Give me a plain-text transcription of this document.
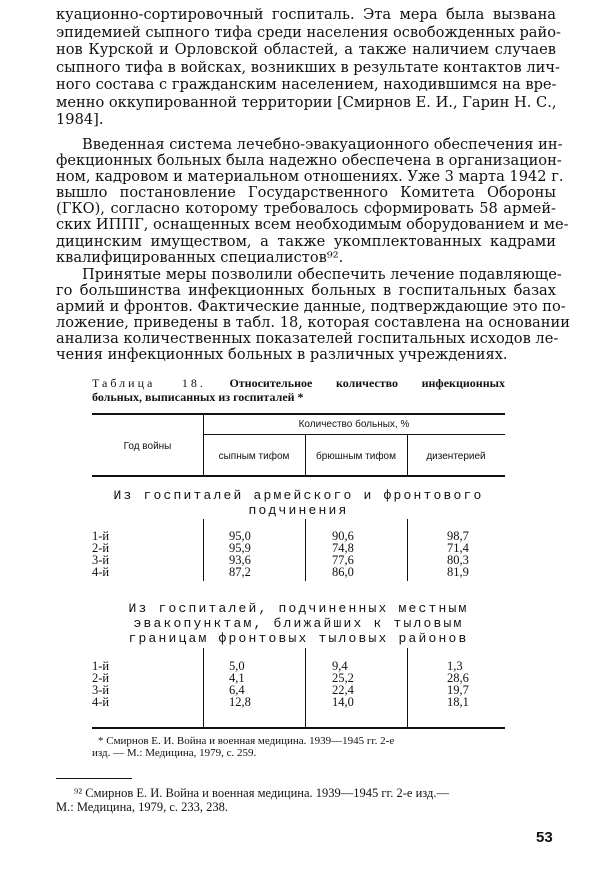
куационно-сортировочный госпиталь. Эта мера была вызвана
эпидемией сыпного тифа среди населения освобожденных райо-
нов Курской и Орловской областей, а также наличием случаев
сыпного тифа в войсках, возникших в результате контактов лич-
ного состава с гражданским населением, находившимся на вре-
менно оккупированной территории [Смирнов Е. И., Гарин Н. С.,
1984].
Введенная система лечебно-эвакуационного обеспечения ин-
фекционных больных была надежно обеспечена в организацион-
ном, кадровом и материальном отношениях. Уже 3 марта 1942 г.
вышло постановление Государственного Комитета Обороны
(ГКО), согласно которому требовалось сформировать 58 армей-
ских ИППГ, оснащенных всем необходимым оборудованием и ме-
дицинским имуществом, а также укомплектованных кадрами
квалифицированных специалистов⁹².
Принятые меры позволили обеспечить лечение подавляюще-
го большинства инфекционных больных в госпитальных базах
армий и фронтов. Фактические данные, подтверждающие это по-
ложение, приведены в табл. 18, которая составлена на основании
анализа количественных показателей госпитальных исходов ле-
чения инфекционных больных в различных учреждениях.
Таблица 18. Относительное количество инфекционных
больных, выписанных из госпиталей *
Год войны
Количество больных, %
сыпным тифом	брюшным тифом	дизентерией
Из госпиталей армейского и фронтового
подчинения
1-й	95,0	90,6	98,7
2-й	95,9	74,8	71,4
3-й	93,6	77,6	80,3
4-й	87,2	86,0	81,9
Из госпиталей, подчиненных местным
эвакопунктам, ближайших к тыловым
границам фронтовых тыловых районов
1-й	5,0	9,4	1,3
2-й	4,1	25,2	28,6
3-й	6,4	22,4	19,7
4-й	12,8	14,0	18,1
* Смирнов Е. И. Война и военная медицина. 1939—1945 гг. 2-е
изд. — М.: Медицина, 1979, с. 259.
⁹² Смирнов Е. И. Война и военная медицина. 1939—1945 гг. 2-е изд.—
М.: Медицина, 1979, с. 233, 238.
53
